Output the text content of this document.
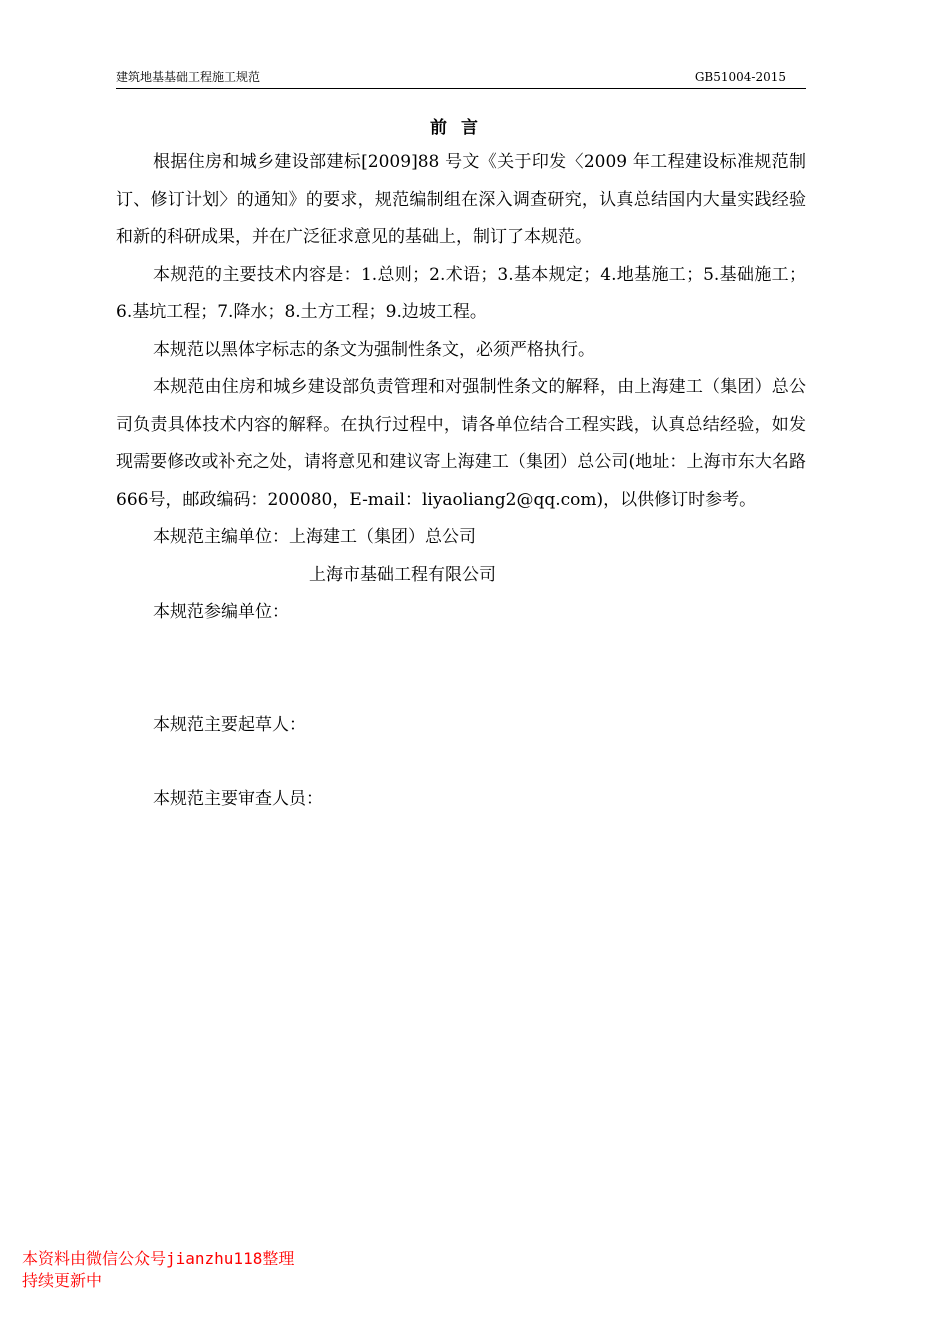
建筑地基基础工程施工规范	GB51004-2015
前言

根据住房和城乡建设部建标[2009]88 号文《关于印发〈2009 年工程建设标准规范制订、修订计划〉的通知》的要求，规范编制组在深入调查研究，认真总结国内大量实践经验和新的科研成果，并在广泛征求意见的基础上，制订了本规范。

本规范的主要技术内容是：1.总则；2.术语；3.基本规定；4.地基施工；5.基础施工；6.基坑工程；7.降水；8.土方工程；9.边坡工程。

本规范以黑体字标志的条文为强制性条文，必须严格执行。

本规范由住房和城乡建设部负责管理和对强制性条文的解释，由上海建工（集团）总公司负责具体技术内容的解释。在执行过程中，请各单位结合工程实践，认真总结经验，如发现需要修改或补充之处，请将意见和建议寄上海建工（集团）总公司(地址：上海市东大名路666号，邮政编码：200080，E-mail：liyaoliang2@qq.com)，以供修订时参考。

本规范主编单位：上海建工（集团）总公司

上海市基础工程有限公司

本规范参编单位：

本规范主要起草人：

本规范主要审查人员：

本资料由微信公众号jianzhu118整理
持续更新中
